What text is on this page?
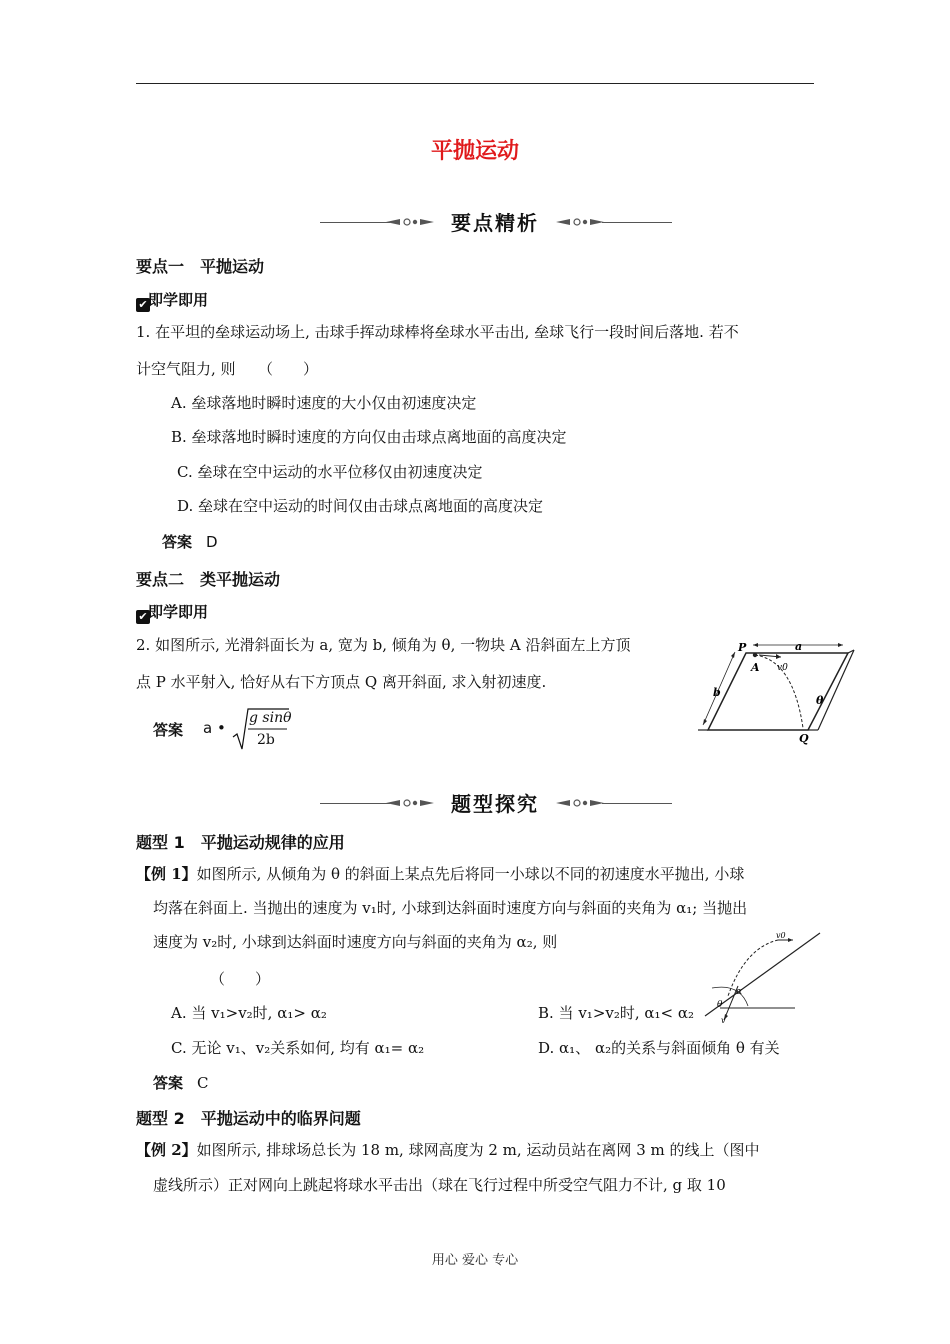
平抛运动
要点精析
要点一　平抛运动
✔即学即用
1. 在平坦的垒球运动场上, 击球手挥动球棒将垒球水平击出, 垒球飞行一段时间后落地. 若不
计空气阻力, 则　　（　　）
A. 垒球落地时瞬时速度的大小仅由初速度决定
B. 垒球落地时瞬时速度的方向仅由击球点离地面的高度决定
C. 垒球在空中运动的水平位移仅由初速度决定
D. 垒球在空中运动的时间仅由击球点离地面的高度决定
答案 D
要点二　类平抛运动
✔即学即用
2. 如图所示, 光滑斜面长为 a, 宽为 b, 倾角为 θ, 一物块 A 沿斜面左上方顶
点 P 水平射入, 恰好从右下方顶点 Q 离开斜面, 求入射初速度.
答案 a •
g sinθ
2b
P	a
A v0
b
θ
Q
题型探究
题型 1　平抛运动规律的应用
【例 1】如图所示, 从倾角为 θ 的斜面上某点先后将同一小球以不同的初速度水平抛出, 小球
均落在斜面上. 当抛出的速度为 v₁时, 小球到达斜面时速度方向与斜面的夹角为 α₁; 当抛出
速度为 v₂时, 小球到达斜面时速度方向与斜面的夹角为 α₂, 则
（　　）
A. 当 v₁>v₂时, α₁> α₂	B. 当 v₁>v₂时, α₁< α₂
C. 无论 v₁、v₂关系如何, 均有 α₁= α₂	D. α₁、 α₂的关系与斜面倾角 θ 有关
答案 C
v0
α
θ
v
题型 2　平抛运动中的临界问题
【例 2】如图所示, 排球场总长为 18 m, 球网高度为 2 m, 运动员站在离网 3 m 的线上（图中
虚线所示）正对网向上跳起将球水平击出（球在飞行过程中所受空气阻力不计, g 取 10
用心 爱心 专心
